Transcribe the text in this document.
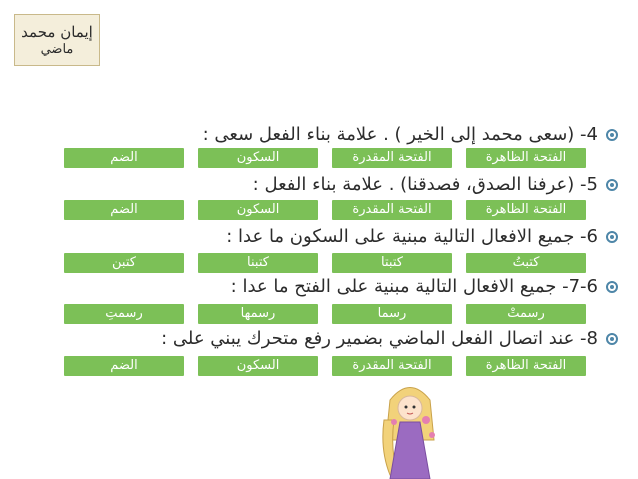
إيمان محمد
ماضي
4- (سعى محمد إلى الخير ) . علامة بناء الفعل سعى :
الفتحة الظاهرة
الفتحة المقدرة
السكون
الضم
5- (عرفنا الصدق، فصدقنا) . علامة بناء الفعل :
الفتحة الظاهرة
الفتحة المقدرة
السكون
الضم
6- جميع الافعال التالية مبنية على السكون ما عدا :
كتبتُ
كتبتا
كتبنا
كتبن
7-6- جميع الافعال التالية مبنية على الفتح ما عدا :
رسمتْ
رسما
رسمها
رسمتِ
8- عند اتصال الفعل الماضي بضمير رفع متحرك يبني على :
الفتحة الظاهرة
الفتحة المقدرة
السكون
الضم
